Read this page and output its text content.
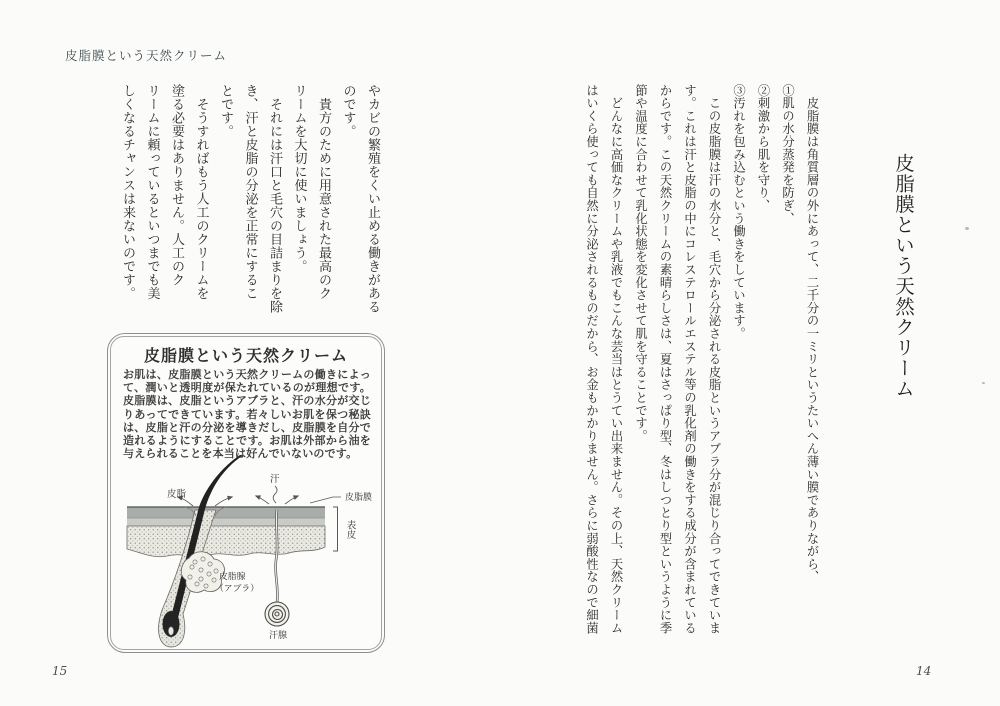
皮脂膜という天然クリーム
皮脂膜という天然クリーム
　皮脂膜は角質層の外にあって、二千分の一ミリというたいへん薄い膜でありながら、
①肌の水分蒸発を防ぎ、
②刺激から肌を守り、
③汚れを包み込むという働きをしています。
　この皮脂膜は汗の水分と、毛穴から分泌される皮脂というアブラ分が混じり合ってできていま
す。これは汗と皮脂の中にコレステロールエステル等の乳化剤の働きをする成分が含まれている
からです。この天然クリームの素晴らしさは、夏はさっぱり型、冬はしつとり型というように季
節や温度に合わせて乳化状態を変化させて肌を守ることです。
　どんなに高価なクリームや乳液でもこんな芸当はとうてい出来ません。その上、天然クリーム
はいくら使っても自然に分泌されるものだから、お金もかかりません。さらに弱酸性なので細菌
やカビの繁殖をくい止める働きがある
のです。
　貴方のために用意された最高のク
リームを大切に使いましょう。
　それには汗口と毛穴の目詰まりを除
き、汗と皮脂の分泌を正常にするこ
とです。
　そうすればもう人工のクリームを
塗る必要はありません。人工のク
リームに頼っているといつまでも美
しくなるチャンスは来ないのです。
皮脂膜という天然クリーム
お肌は、皮脂膜という天然クリームの働きによって、潤いと透明度が保たれているのが理想です。皮脂膜は、皮脂というアブラと、汗の水分が交じりあってできています。若々しいお肌を保つ秘訣は、皮脂と汗の分泌を導きだし、皮脂膜を自分で造れるようにすることです。お肌は外部から油を与えられることを本当は好んでいないのです。
皮脂
汗
皮脂膜
表皮
皮脂腺
（アブラ）
汗腺
15	14
